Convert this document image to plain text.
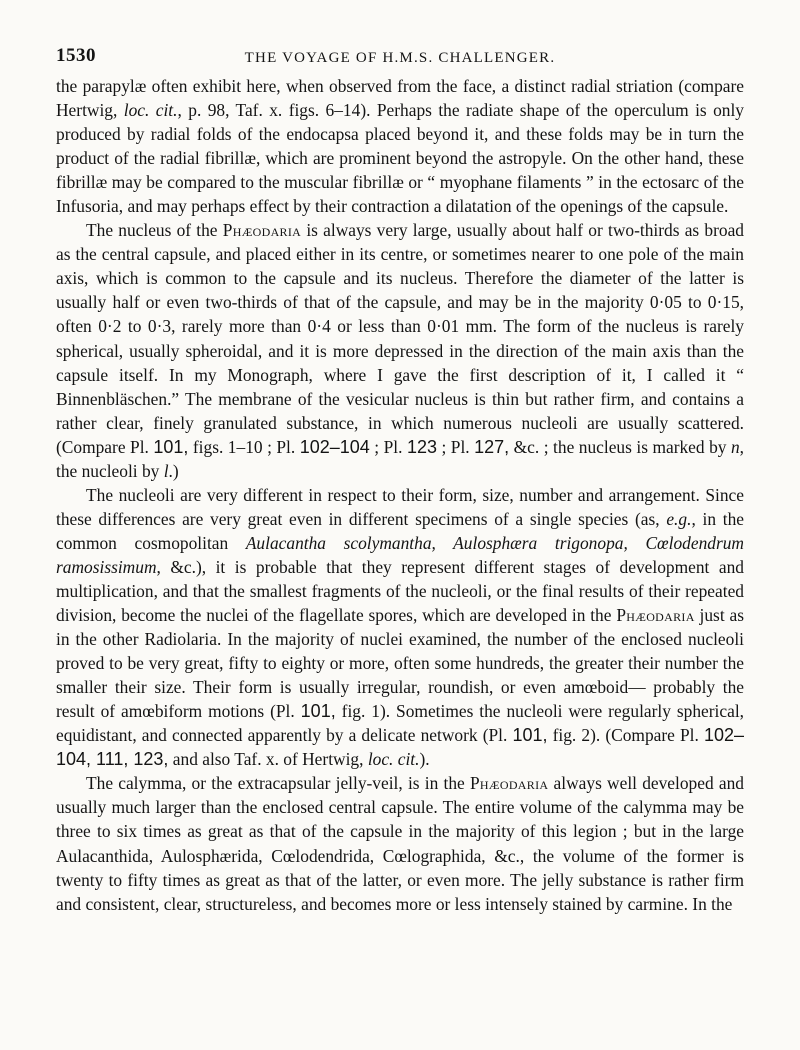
1530	THE VOYAGE OF H.M.S. CHALLENGER.

the parapylæ often exhibit here, when observed from the face, a distinct radial striation (compare Hertwig, loc. cit., p. 98, Taf. x. figs. 6–14). Perhaps the radiate shape of the operculum is only produced by radial folds of the endocapsa placed beyond it, and these folds may be in turn the product of the radial fibrillæ, which are prominent beyond the astropyle. On the other hand, these fibrillæ may be compared to the muscular fibrillæ or “ myophane filaments ” in the ectosarc of the Infusoria, and may perhaps effect by their contraction a dilatation of the openings of the capsule.

The nucleus of the Phæodaria is always very large, usually about half or two-thirds as broad as the central capsule, and placed either in its centre, or sometimes nearer to one pole of the main axis, which is common to the capsule and its nucleus. Therefore the diameter of the latter is usually half or even two-thirds of that of the capsule, and may be in the majority 0·05 to 0·15, often 0·2 to 0·3, rarely more than 0·4 or less than 0·01 mm. The form of the nucleus is rarely spherical, usually spheroidal, and it is more depressed in the direction of the main axis than the capsule itself. In my Monograph, where I gave the first description of it, I called it “ Binnenbläschen.” The membrane of the vesicular nucleus is thin but rather firm, and contains a rather clear, finely granulated substance, in which numerous nucleoli are usually scattered. (Compare Pl. 101, figs. 1–10 ; Pl. 102–104 ; Pl. 123 ; Pl. 127, &c. ; the nucleus is marked by n, the nucleoli by l.)

The nucleoli are very different in respect to their form, size, number and arrangement. Since these differences are very great even in different specimens of a single species (as, e.g., in the common cosmopolitan Aulacantha scolymantha, Aulosphæra trigonopa, Cœlodendrum ramosissimum, &c.), it is probable that they represent different stages of development and multiplication, and that the smallest fragments of the nucleoli, or the final results of their repeated division, become the nuclei of the flagellate spores, which are developed in the Phæodaria just as in the other Radiolaria. In the majority of nuclei examined, the number of the enclosed nucleoli proved to be very great, fifty to eighty or more, often some hundreds, the greater their number the smaller their size. Their form is usually irregular, roundish, or even amœboid— probably the result of amœbiform motions (Pl. 101, fig. 1). Sometimes the nucleoli were regularly spherical, equidistant, and connected apparently by a delicate network (Pl. 101, fig. 2). (Compare Pl. 102–104, 111, 123, and also Taf. x. of Hertwig, loc. cit.).

The calymma, or the extracapsular jelly-veil, is in the Phæodaria always well developed and usually much larger than the enclosed central capsule. The entire volume of the calymma may be three to six times as great as that of the capsule in the majority of this legion ; but in the large Aulacanthida, Aulosphærida, Cœlodendrida, Cœlographida, &c., the volume of the former is twenty to fifty times as great as that of the latter, or even more. The jelly substance is rather firm and consistent, clear, structureless, and becomes more or less intensely stained by carmine. In the
